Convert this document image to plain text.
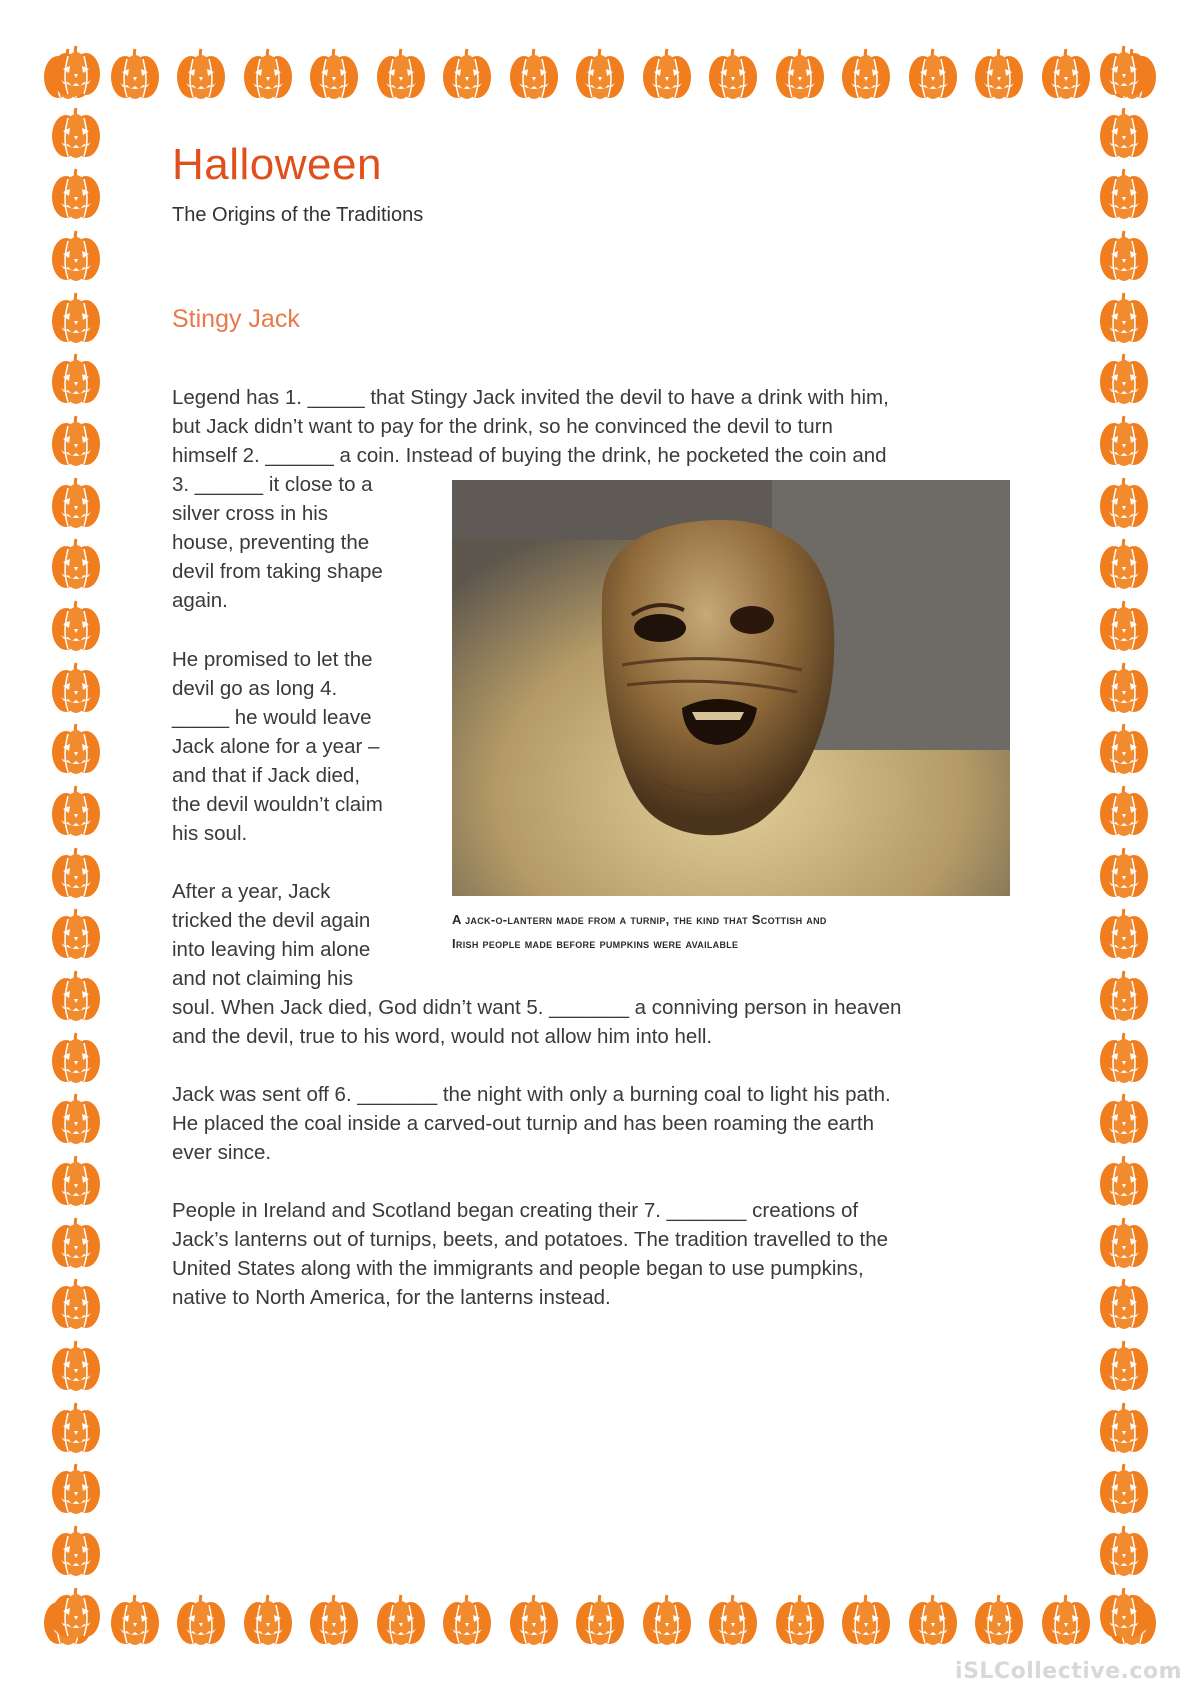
Halloween
The Origins of the Traditions
Stingy Jack

Legend has 1. _____ that Stingy Jack invited the devil to have a drink with him,

but Jack didn’t want to pay for the drink, so he convinced the devil to turn

himself 2. ______ a coin. Instead of buying the drink, he pocketed the coin and

3. ______ it close to a

silver cross in his

house, preventing the

devil from taking shape

again.

He promised to let the

devil go as long 4.

_____ he would leave

Jack alone for a year –

and that if Jack died,

the devil wouldn’t claim

his soul.

After a year, Jack

tricked the devil again

into leaving him alone

and not claiming his

A jack-o-lantern made from a turnip, the kind that Scottish and
Irish people made before pumpkins were available

soul. When Jack died, God didn’t want 5. _______ a conniving person in heaven

and the devil, true to his word, would not allow him into hell.

Jack was sent off 6. _______ the night with only a burning coal to light his path.

He placed the coal inside a carved-out turnip and has been roaming the earth

ever since.

People in Ireland and Scotland began creating their 7. _______ creations of

Jack’s lanterns out of turnips, beets, and potatoes. The tradition travelled to the

United States along with the immigrants and people began to use pumpkins,

native to North America, for the lanterns instead.

iSLCollective.com
